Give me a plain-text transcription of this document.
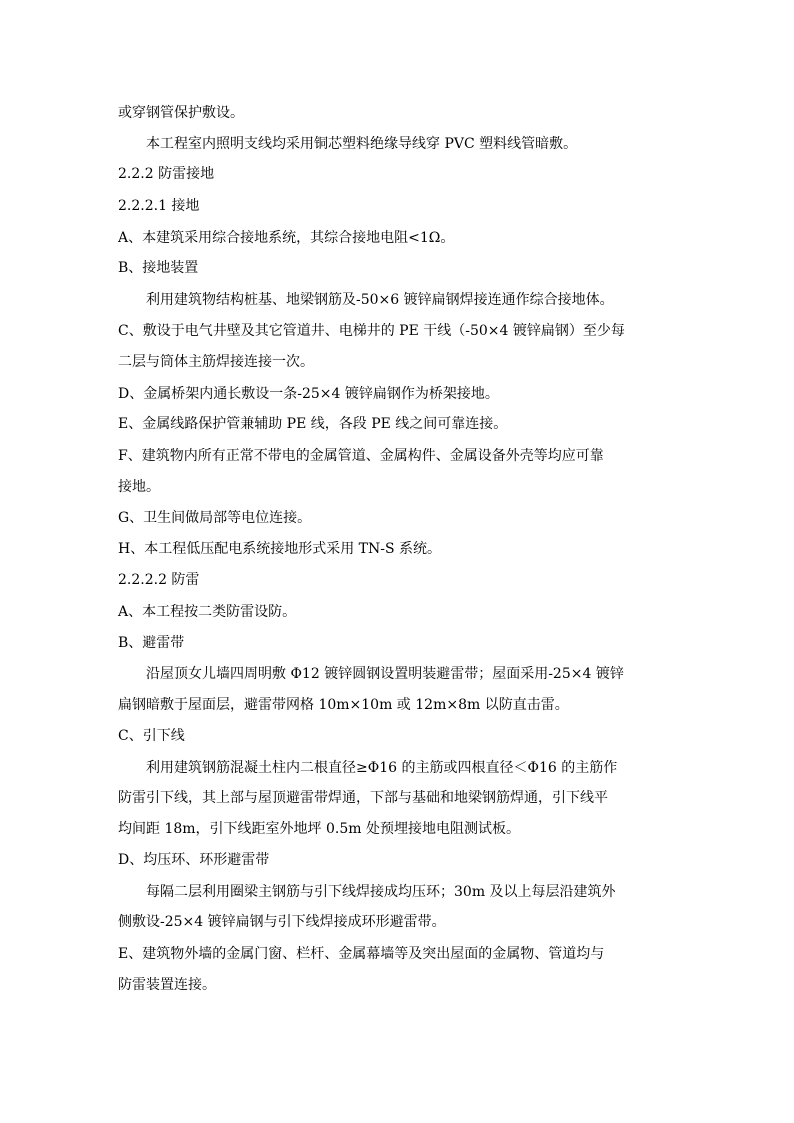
或穿钢管保护敷设。
本工程室内照明支线均采用铜芯塑料绝缘导线穿 PVC 塑料线管暗敷。
2.2.2 防雷接地
2.2.2.1 接地
A、本建筑采用综合接地系统，其综合接地电阻<1Ω。
B、接地装置
利用建筑物结构桩基、地梁钢筋及-50×6 镀锌扁钢焊接连通作综合接地体。
C、敷设于电气井壁及其它管道井、电梯井的 PE 干线（-50×4 镀锌扁钢）至少每
二层与筒体主筋焊接连接一次。
D、金属桥架内通长敷设一条-25×4 镀锌扁钢作为桥架接地。
E、金属线路保护管兼辅助 PE 线，各段 PE 线之间可靠连接。
F、建筑物内所有正常不带电的金属管道、金属构件、金属设备外壳等均应可靠
接地。
G、卫生间做局部等电位连接。
H、本工程低压配电系统接地形式采用 TN-S 系统。
2.2.2.2 防雷
A、本工程按二类防雷设防。
B、避雷带
沿屋顶女儿墙四周明敷 Φ12 镀锌圆钢设置明装避雷带；屋面采用-25×4 镀锌
扁钢暗敷于屋面层，避雷带网格 10m×10m 或 12m×8m 以防直击雷。
C、引下线
利用建筑钢筋混凝土柱内二根直径≥Φ16 的主筋或四根直径＜Φ16 的主筋作
防雷引下线，其上部与屋顶避雷带焊通，下部与基础和地梁钢筋焊通，引下线平
均间距 18m，引下线距室外地坪 0.5m 处预埋接地电阻测试板。
D、均压环、环形避雷带
每隔二层利用圈梁主钢筋与引下线焊接成均压环；30m 及以上每层沿建筑外
侧敷设-25×4 镀锌扁钢与引下线焊接成环形避雷带。
E、建筑物外墙的金属门窗、栏杆、金属幕墙等及突出屋面的金属物、管道均与
防雷装置连接。
